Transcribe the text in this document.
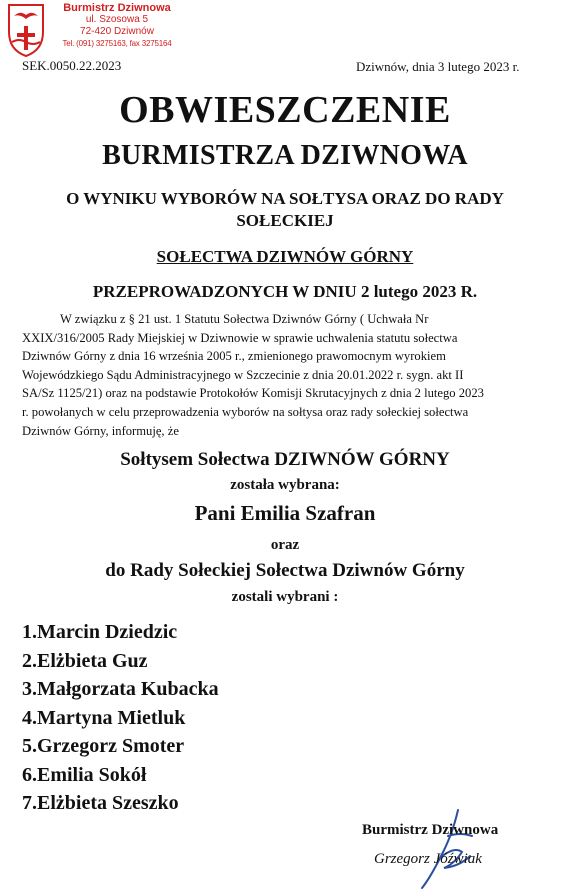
Burmistrz Dziwnowa
ul. Szosowa 5
72-420 Dziwnów
Tel. (091) 3275163, fax 3275164
SEK.0050.22.2023	Dziwnów, dnia 3 lutego 2023 r.
OBWIESZCZENIE
BURMISTRZA DZIWNOWA
O WYNIKU WYBORÓW NA SOŁTYSA ORAZ DO RADY
SOŁECKIEJ
SOŁECTWA DZIWNÓW GÓRNY
PRZEPROWADZONYCH W DNIU 2 lutego 2023 R.
W związku z § 21 ust. 1 Statutu Sołectwa Dziwnów Górny ( Uchwała Nr
XXIX/316/2005 Rady Miejskiej w Dziwnowie w sprawie uchwalenia statutu sołectwa
Dziwnów Górny z dnia 16 września 2005 r., zmienionego prawomocnym wyrokiem
Wojewódzkiego Sądu Administracyjnego w Szczecinie z dnia 20.01.2022 r. sygn. akt II
SA/Sz 1125/21) oraz na podstawie Protokołów Komisji Skrutacyjnych z dnia 2 lutego 2023
r. powołanych w celu przeprowadzenia wyborów na sołtysa oraz rady sołeckiej sołectwa
Dziwnów Górny, informuję, że
Sołtysem Sołectwa DZIWNÓW GÓRNY
została wybrana:
Pani Emilia Szafran
oraz
do Rady Sołeckiej Sołectwa Dziwnów Górny
zostali wybrani :
1.Marcin Dziedzic
2.Elżbieta Guz
3.Małgorzata Kubacka
4.Martyna Mietluk
5.Grzegorz Smoter
6.Emilia Sokół
7.Elżbieta Szeszko
Burmistrz Dziwnowa
Grzegorz Jóźwiak
